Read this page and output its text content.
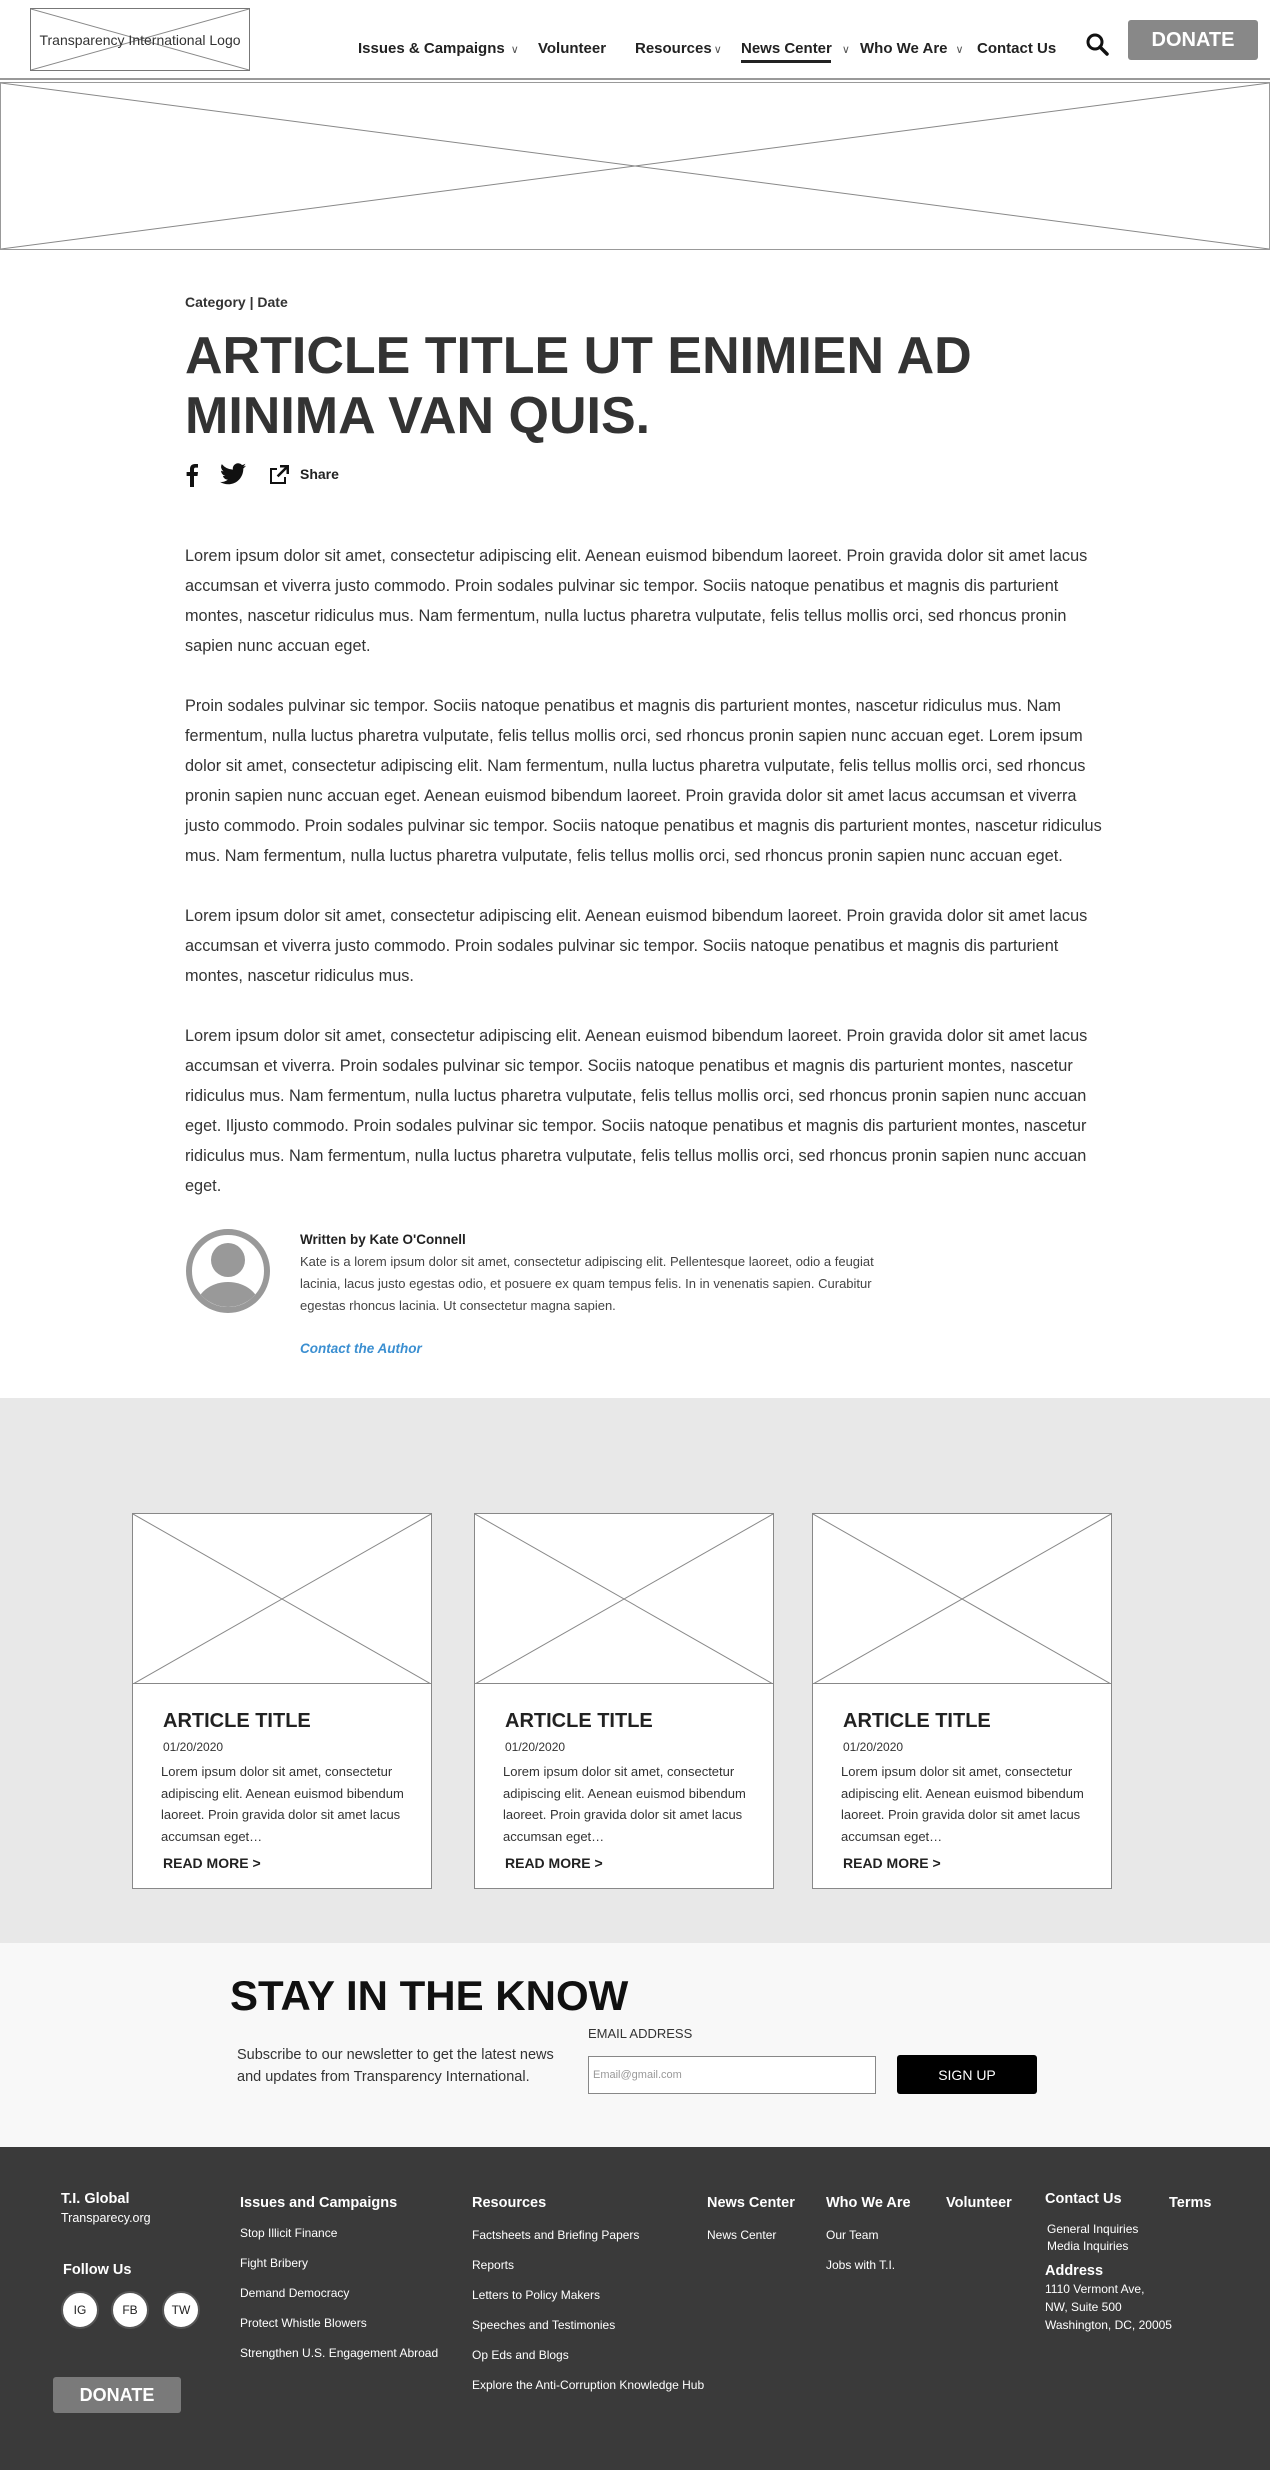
Transparency International Logo	Issues & Campaigns ∨ Volunteer Resources ∨ News Center ∨ Who We Are ∨ Contact Us	DONATE
Category | Date
ARTICLE TITLE UT ENIMIEN AD MINIMA VAN QUIS.
Share

Lorem ipsum dolor sit amet, consectetur adipiscing elit. Aenean euismod bibendum laoreet. Proin gravida dolor sit amet lacus accumsan et viverra justo commodo. Proin sodales pulvinar sic tempor. Sociis natoque penatibus et magnis dis parturient montes, nascetur ridiculus mus. Nam fermentum, nulla luctus pharetra vulputate, felis tellus mollis orci, sed rhoncus pronin sapien nunc accuan eget.

Proin sodales pulvinar sic tempor. Sociis natoque penatibus et magnis dis parturient montes, nascetur ridiculus mus. Nam fermentum, nulla luctus pharetra vulputate, felis tellus mollis orci, sed rhoncus pronin sapien nunc accuan eget. Lorem ipsum dolor sit amet, consectetur adipiscing elit. Nam fermentum, nulla luctus pharetra vulputate, felis tellus mollis orci, sed rhoncus pronin sapien nunc accuan eget. Aenean euismod bibendum laoreet. Proin gravida dolor sit amet lacus accumsan et viverra justo commodo. Proin sodales pulvinar sic tempor. Sociis natoque penatibus et magnis dis parturient montes, nascetur ridiculus mus. Nam fermentum, nulla luctus pharetra vulputate, felis tellus mollis orci, sed rhoncus pronin sapien nunc accuan eget.

Lorem ipsum dolor sit amet, consectetur adipiscing elit. Aenean euismod bibendum laoreet. Proin gravida dolor sit amet lacus accumsan et viverra justo commodo. Proin sodales pulvinar sic tempor. Sociis natoque penatibus et magnis dis parturient montes, nascetur ridiculus mus.

Lorem ipsum dolor sit amet, consectetur adipiscing elit. Aenean euismod bibendum laoreet. Proin gravida dolor sit amet lacus accumsan et viverra. Proin sodales pulvinar sic tempor. Sociis natoque penatibus et magnis dis parturient montes, nascetur ridiculus mus. Nam fermentum, nulla luctus pharetra vulputate, felis tellus mollis orci, sed rhoncus pronin sapien nunc accuan eget. Iljusto commodo. Proin sodales pulvinar sic tempor. Sociis natoque penatibus et magnis dis parturient montes, nascetur ridiculus mus. Nam fermentum, nulla luctus pharetra vulputate, felis tellus mollis orci, sed rhoncus pronin sapien nunc accuan eget.

Written by Kate O'Connell

Kate is a lorem ipsum dolor sit amet, consectetur adipiscing elit. Pellentesque laoreet, odio a feugiat lacinia, lacus justo egestas odio, et posuere ex quam tempus felis. In in venenatis sapien. Curabitur egestas rhoncus lacinia. Ut consectetur magna sapien.

Contact the Author
ARTICLE TITLE
01/20/2020

Lorem ipsum dolor sit amet, consectetur adipiscing elit. Aenean euismod bibendum laoreet. Proin gravida dolor sit amet lacus accumsan eget…

READ MORE >
ARTICLE TITLE
01/20/2020

Lorem ipsum dolor sit amet, consectetur adipiscing elit. Aenean euismod bibendum laoreet. Proin gravida dolor sit amet lacus accumsan eget…

READ MORE >
ARTICLE TITLE
01/20/2020

Lorem ipsum dolor sit amet, consectetur adipiscing elit. Aenean euismod bibendum laoreet. Proin gravida dolor sit amet lacus accumsan eget…

READ MORE >
STAY IN THE KNOW

Subscribe to our newsletter to get the latest news and updates from Transparency International.

EMAIL ADDRESS
Email@gmail.com
SIGN UP
T.I. Global
Transparecy.org
Follow Us
IG	FB	TW
DONATE
Issues and Campaigns
Stop Illicit Finance
Fight Bribery
Demand Democracy
Protect Whistle Blowers
Strengthen U.S. Engagement Abroad
Resources
Factsheets and Briefing Papers
Reports
Letters to Policy Makers
Speeches and Testimonies
Op Eds and Blogs
Explore the Anti-Corruption Knowledge Hub
News Center
News Center
Who We Are
Our Team
Jobs with T.I.
Volunteer Contact Us
General Inquiries
Media Inquiries
Address
1110 Vermont Ave,
NW, Suite 500
Washington, DC, 20005
Terms
